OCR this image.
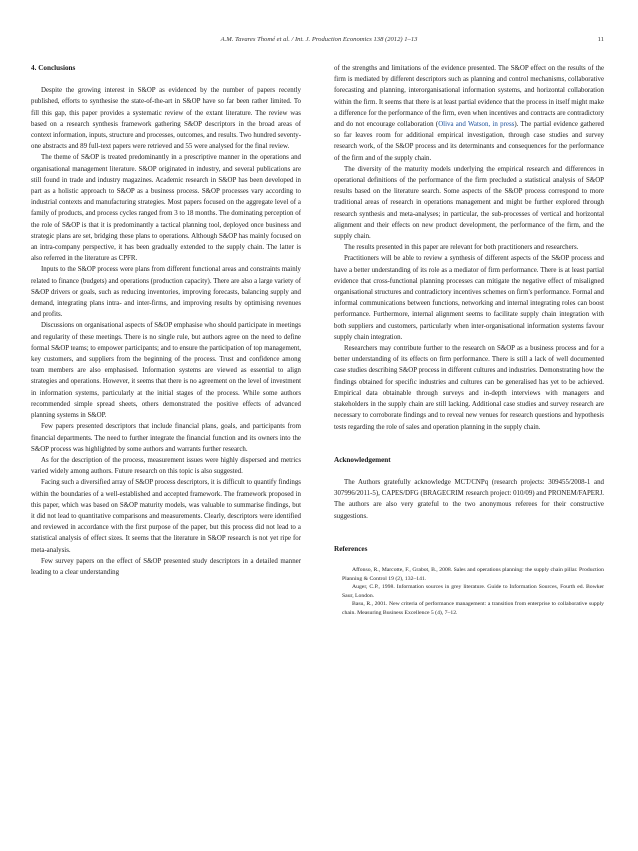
A.M. Tavares Thomé et al. / Int. J. Production Economics 138 (2012) 1–13	11
4. Conclusions

Despite the growing interest in S&OP as evidenced by the number of papers recently published, efforts to synthesise the state-of-the-art in S&OP have so far been rather limited. To fill this gap, this paper provides a systematic review of the extant literature. The review was based on a research synthesis framework gathering S&OP descriptors in the broad areas of context information, inputs, structure and processes, outcomes, and results. Two hundred seventy-one abstracts and 89 full-text papers were retrieved and 55 were analysed for the final review.

The theme of S&OP is treated predominantly in a prescriptive manner in the operations and organisational management literature. S&OP originated in industry, and several publications are still found in trade and industry magazines. Academic research in S&OP has been developed in part as a holistic approach to S&OP as a business process. S&OP processes vary according to industrial contexts and manufacturing strategies. Most papers focused on the aggregate level of a family of products, and process cycles ranged from 3 to 18 months. The dominating perception of the role of S&OP is that it is predominantly a tactical planning tool, deployed once business and strategic plans are set, bridging these plans to operations. Although S&OP has mainly focused on an intra-company perspective, it has been gradually extended to the supply chain. The latter is also referred in the literature as CPFR.

Inputs to the S&OP process were plans from different functional areas and constraints mainly related to finance (budgets) and operations (production capacity). There are also a large variety of S&OP drivers or goals, such as reducing inventories, improving forecasts, balancing supply and demand, integrating plans intra- and inter-firms, and improving results by optimising revenues and profits.

Discussions on organisational aspects of S&OP emphasise who should participate in meetings and regularity of these meetings. There is no single rule, but authors agree on the need to define formal S&OP teams; to empower participants; and to ensure the participation of top management, key customers, and suppliers from the beginning of the process. Trust and confidence among team members are also emphasised. Information systems are viewed as essential to align strategies and operations. However, it seems that there is no agreement on the level of investment in information systems, particularly at the initial stages of the process. While some authors recommended simple spread sheets, others demonstrated the positive effects of advanced planning systems in S&OP.

Few papers presented descriptors that include financial plans, goals, and participants from financial departments. The need to further integrate the financial function and its owners into the S&OP process was highlighted by some authors and warrants further research.

As for the description of the process, measurement issues were highly dispersed and metrics varied widely among authors. Future research on this topic is also suggested.

Facing such a diversified array of S&OP process descriptors, it is difficult to quantify findings within the boundaries of a well-established and accepted framework. The framework proposed in this paper, which was based on S&OP maturity models, was valuable to summarise findings, but it did not lead to quantitative comparisons and measurements. Clearly, descriptors were identified and reviewed in accordance with the first purpose of the paper, but this process did not lead to a statistical analysis of effect sizes. It seems that the literature in S&OP research is not yet ripe for meta-analysis.

Few survey papers on the effect of S&OP presented study descriptors in a detailed manner leading to a clear understanding

of the strengths and limitations of the evidence presented. The S&OP effect on the results of the firm is mediated by different descriptors such as planning and control mechanisms, collaborative forecasting and planning, interorganisational information systems, and horizontal collaboration within the firm. It seems that there is at least partial evidence that the process in itself might make a difference for the performance of the firm, even when incentives and contracts are contradictory and do not encourage collaboration (Oliva and Watson, in press). The partial evidence gathered so far leaves room for additional empirical investigation, through case studies and survey research work, of the S&OP process and its determinants and consequences for the performance of the firm and of the supply chain.

The diversity of the maturity models underlying the empirical research and differences in operational definitions of the performance of the firm precluded a statistical analysis of S&OP results based on the literature search. Some aspects of the S&OP process correspond to more traditional areas of research in operations management and might be further explored through research synthesis and meta-analyses; in particular, the sub-processes of vertical and horizontal alignment and their effects on new product development, the performance of the firm, and the supply chain.

The results presented in this paper are relevant for both practitioners and researchers.

Practitioners will be able to review a synthesis of different aspects of the S&OP process and have a better understanding of its role as a mediator of firm performance. There is at least partial evidence that cross-functional planning processes can mitigate the negative effect of misaligned organisational structures and contradictory incentives schemes on firm's performance. Formal and informal communications between functions, networking and internal integrating roles can boost performance. Furthermore, internal alignment seems to facilitate supply chain integration with both suppliers and customers, particularly when inter-organisational information systems favour supply chain integration.

Researchers may contribute further to the research on S&OP as a business process and for a better understanding of its effects on firm performance. There is still a lack of well documented case studies describing S&OP process in different cultures and industries. Demonstrating how the findings obtained for specific industries and cultures can be generalised has yet to be achieved. Empirical data obtainable through surveys and in-depth interviews with managers and stakeholders in the supply chain are still lacking. Additional case studies and survey research are necessary to corroborate findings and to reveal new venues for research questions and hypothesis tests regarding the role of sales and operation planning in the supply chain.

Acknowledgement

The Authors gratefully acknowledge MCT/CNPq (research projects: 309455/2008-1 and 307996/2011-5), CAPES/DFG (BRAGECRIM research project: 010/09) and PRONEM/FAPERJ. The authors are also very grateful to the two anonymous referees for their constructive suggestions.

References

Affonso, R., Marcotte, F., Grabot, B., 2008. Sales and operations planning: the supply chain pillar. Production Planning & Control 19 (2), 132–141.

Auger, C.P., 1998. Information sources in grey literature. Guide to Information Sources, Fourth ed. Bowker Saur, London.

Basu, R., 2001. New criteria of performance management: a transition from enterprise to collaborative supply chain. Measuring Business Excellence 5 (4), 7–12.
